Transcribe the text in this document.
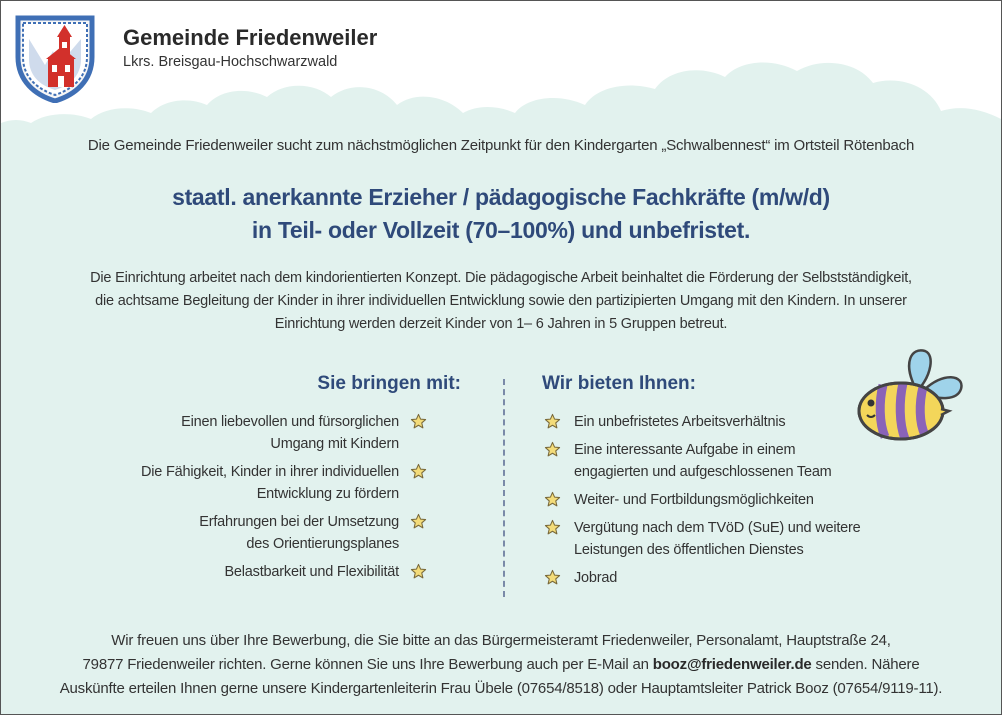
Gemeinde Friedenweiler
Lkrs. Breisgau-Hochschwarzwald
Die Gemeinde Friedenweiler sucht zum nächstmöglichen Zeitpunkt für den Kindergarten „Schwalbennest“ im Ortsteil Rötenbach
staatl. anerkannte Erzieher / pädagogische Fachkräfte (m/w/d)
in Teil- oder Vollzeit (70–100%) und unbefristet.
Die Einrichtung arbeitet nach dem kindorientierten Konzept. Die pädagogische Arbeit beinhaltet die Förderung der Selbstständigkeit,
die achtsame Begleitung der Kinder in ihrer individuellen Entwicklung sowie den partizipierten Umgang mit den Kindern. In unserer
Einrichtung werden derzeit Kinder von 1– 6 Jahren in 5 Gruppen betreut.
Sie bringen mit:	Wir bieten Ihnen:
Einen liebevollen und fürsorglichen
Umgang mit Kindern
Die Fähigkeit, Kinder in ihrer individuellen
Entwicklung zu fördern
Erfahrungen bei der Umsetzung
des Orientierungsplanes
Belastbarkeit und Flexibilität
Ein unbefristetes Arbeitsverhältnis
Eine interessante Aufgabe in einem
engagierten und aufgeschlossenen Team
Weiter- und Fortbildungsmöglichkeiten
Vergütung nach dem TVöD (SuE) und weitere
Leistungen des öffentlichen Dienstes
Jobrad
Wir freuen uns über Ihre Bewerbung, die Sie bitte an das Bürgermeisteramt Friedenweiler, Personalamt, Hauptstraße 24,
79877 Friedenweiler richten. Gerne können Sie uns Ihre Bewerbung auch per E-Mail an booz@friedenweiler.de senden. Nähere
Auskünfte erteilen Ihnen gerne unsere Kindergartenleiterin Frau Übele (07654/8518) oder Hauptamtsleiter Patrick Booz (07654/9119-11).
